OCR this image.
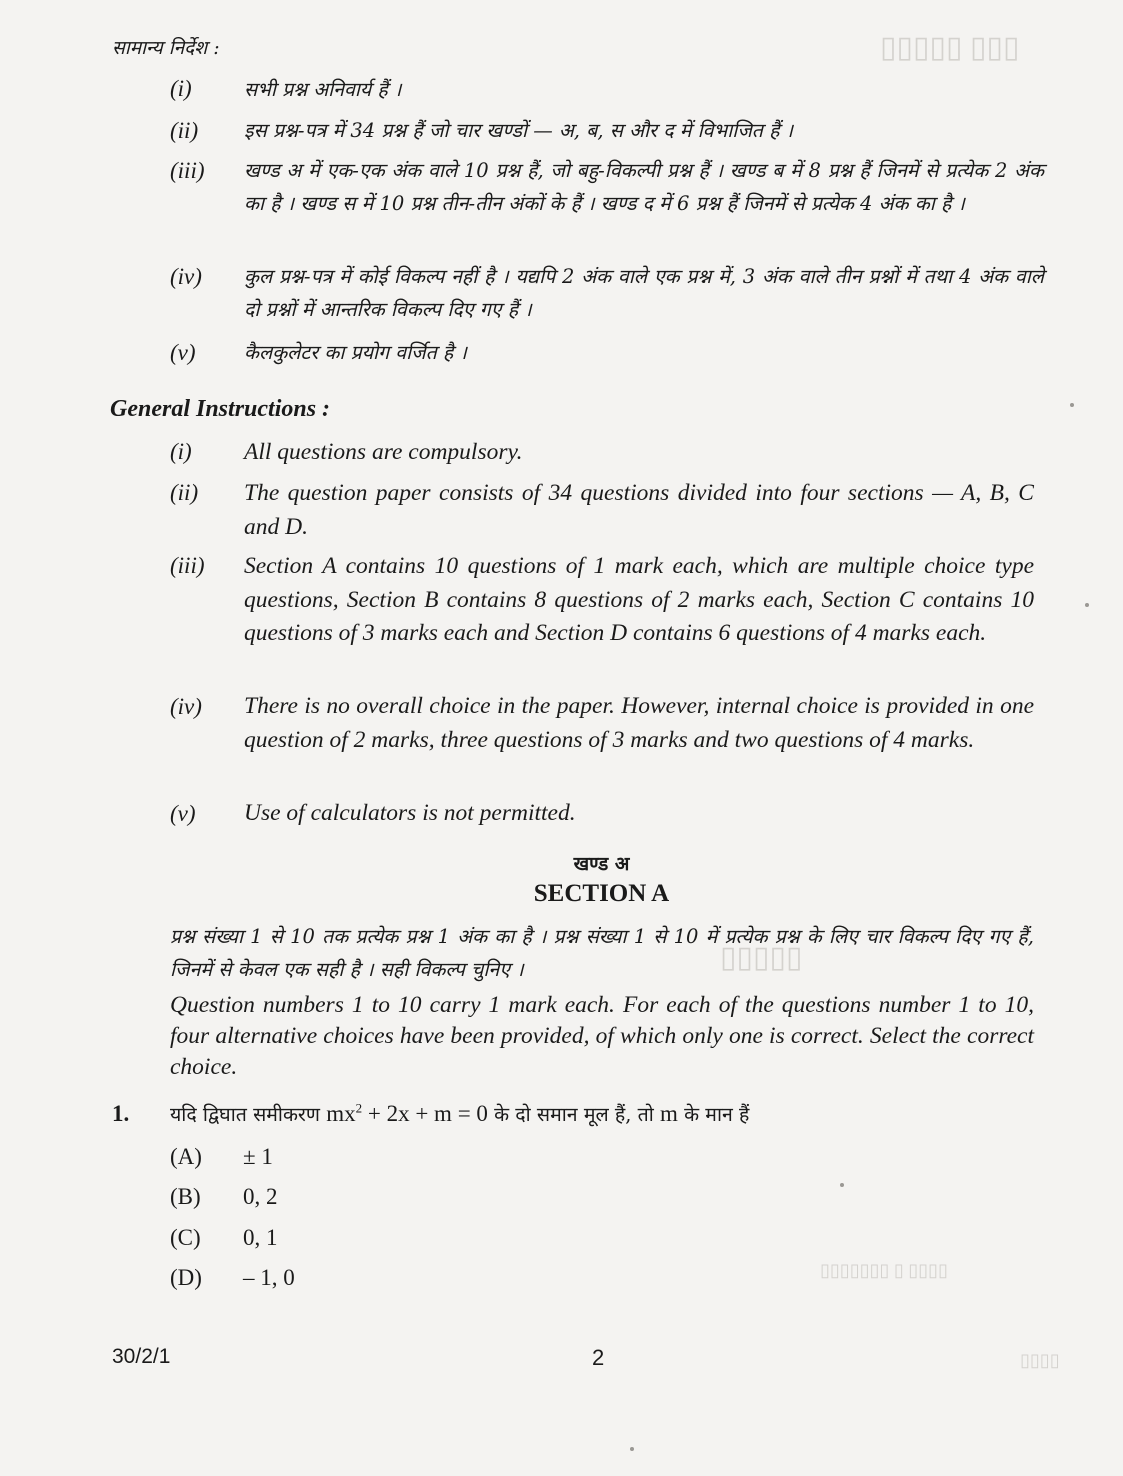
▯▯▯▯▯ ▯▯▯
▯▯▯▯▯
▯▯▯▯▯▯▯ ▯ ▯▯▯▯
▯▯▯▯
सामान्य निर्देश :
(i)	सभी प्रश्न अनिवार्य हैं ।

(ii) इस प्रश्न-पत्र में 34 प्रश्न हैं जो चार खण्डों — अ, ब, स और द में विभाजित हैं ।

(iii) खण्ड अ में एक-एक अंक वाले 10 प्रश्न हैं, जो बहु-विकल्पी प्रश्न हैं । खण्ड ब में 8 प्रश्न हैं जिनमें से प्रत्येक 2 अंक का है । खण्ड स में 10 प्रश्न तीन-तीन अंकों के हैं । खण्ड द में 6 प्रश्न हैं जिनमें से प्रत्येक 4 अंक का है ।

(iv) कुल प्रश्न-पत्र में कोई विकल्प नहीं है । यद्यपि 2 अंक वाले एक प्रश्न में, 3 अंक वाले तीन प्रश्नों में तथा 4 अंक वाले दो प्रश्नों में आन्तरिक विकल्प दिए गए हैं ।

(v) कैलकुलेटर का प्रयोग वर्जित है ।

General Instructions :
(i) All questions are compulsory.

(ii) The question paper consists of 34 questions divided into four sections — A, B, C and D.

(iii) Section A contains 10 questions of 1 mark each, which are multiple choice type questions, Section B contains 8 questions of 2 marks each, Section C contains 10 questions of 3 marks each and Section D contains 6 questions of 4 marks each.

(iv) There is no overall choice in the paper. However, internal choice is provided in one question of 2 marks, three questions of 3 marks and two questions of 4 marks.

(v) Use of calculators is not permitted.

खण्ड अ
SECTION A

प्रश्न संख्या 1 से 10 तक प्रत्येक प्रश्न 1 अंक का है । प्रश्न संख्या 1 से 10 में प्रत्येक प्रश्न के लिए चार विकल्प दिए गए हैं, जिनमें से केवल एक सही है । सही विकल्प चुनिए ।

Question numbers 1 to 10 carry 1 mark each. For each of the questions number 1 to 10, four alternative choices have been provided, of which only one is correct. Select the correct choice.

1. यदि द्विघात समीकरण $mx^2 + 2x + m = 0$ के दो समान मूल हैं, तो m के मान हैं
(A) ± 1
(B) 0, 2
(C) 0, 1
(D) – 1, 0
30/2/1	2
